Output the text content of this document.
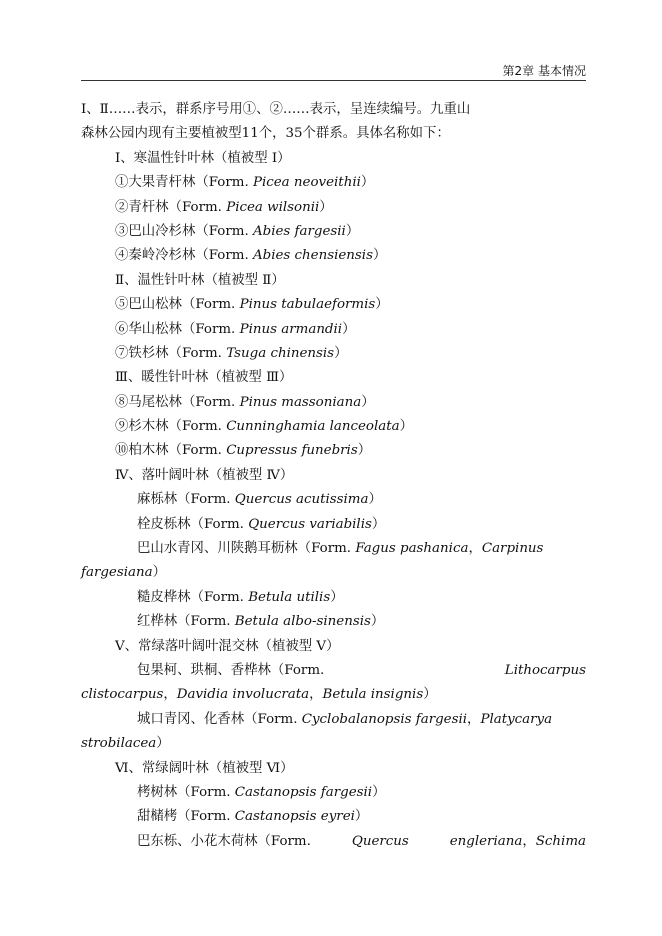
第2章 基本情况
Ⅰ、Ⅱ……表示，群系序号用①、②……表示，呈连续编号。九重山
森林公园内现有主要植被型11个，35个群系。具体名称如下：
Ⅰ、寒温性针叶林（植被型 Ⅰ）
①大果青杆林（Form. Picea neoveithii）
②青杆林（Form. Picea wilsonii）
③巴山冷杉林（Form. Abies fargesii）
④秦岭冷杉林（Form. Abies chensiensis）
Ⅱ、温性针叶林（植被型 Ⅱ）
⑤巴山松林（Form. Pinus tabulaeformis）
⑥华山松林（Form. Pinus armandii）
⑦铁杉林（Form. Tsuga chinensis）
Ⅲ、暖性针叶林（植被型 Ⅲ）
⑧马尾松林（Form. Pinus massoniana）
⑨杉木林（Form. Cunninghamia lanceolata）
⑩柏木林（Form. Cupressus funebris）
Ⅳ、落叶阔叶林（植被型 Ⅳ）
麻栎林（Form. Quercus acutissima）
栓皮栎林（Form. Quercus variabilis）
巴山水青冈、川陕鹅耳枥林（Form. Fagus pashanica，Carpinus
fargesiana）
糙皮桦林（Form. Betula utilis）
红桦林（Form. Betula albo-sinensis）
Ⅴ、常绿落叶阔叶混交林（植被型 Ⅴ）
包果柯、珙桐、香桦林（Form.	Lithocarpus
clistocarpus，Davidia involucrata，Betula insignis）
城口青冈、化香林（Form. Cyclobalanopsis fargesii，Platycarya
strobilacea）
Ⅵ、常绿阔叶林（植被型 Ⅵ）
栲树林（Form. Castanopsis fargesii）
甜槠栲（Form. Castanopsis eyrei）
巴东栎、小花木荷林（Form.	Quercus	engleriana，Schima
